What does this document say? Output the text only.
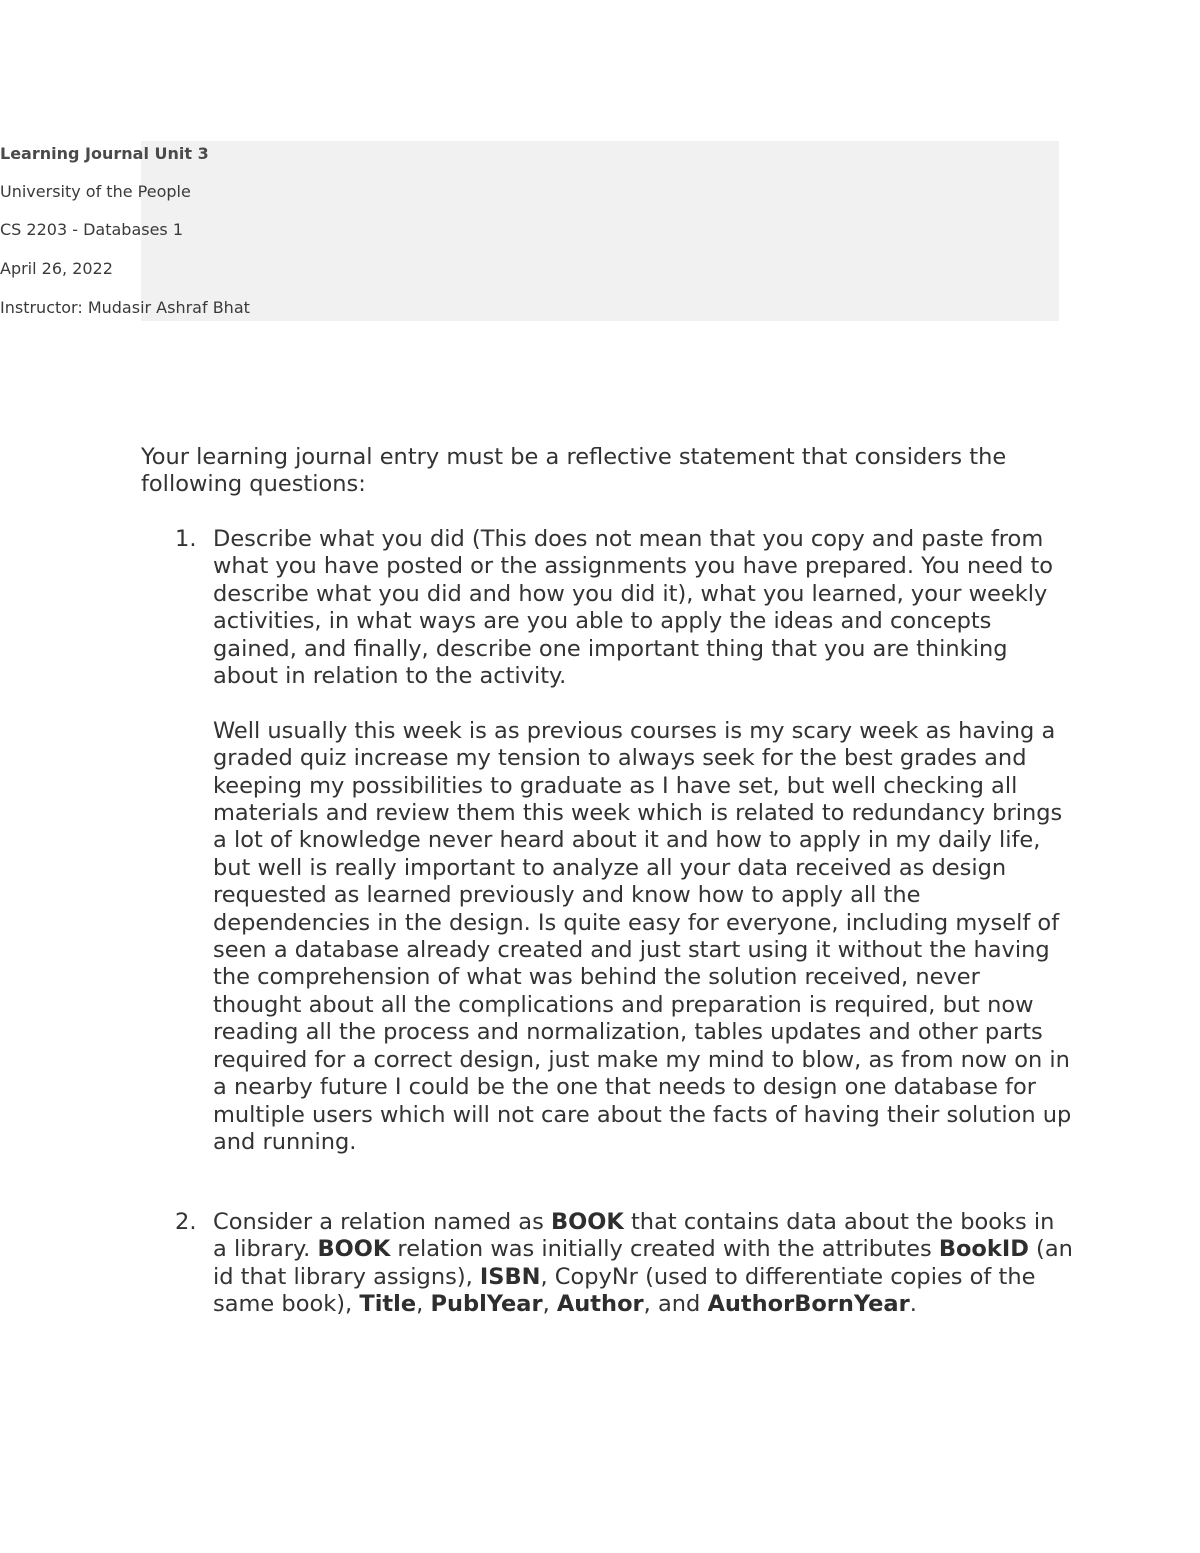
Learning Journal Unit 3
University of the People
CS 2203 - Databases 1
April 26, 2022
Instructor: Mudasir Ashraf Bhat
Your learning journal entry must be a reflective statement that considers the following questions:
1. Describe what you did (This does not mean that you copy and paste from what you have posted or the assignments you have prepared. You need to describe what you did and how you did it), what you learned, your weekly activities, in what ways are you able to apply the ideas and concepts gained, and finally, describe one important thing that you are thinking about in relation to the activity.

Well usually this week is as previous courses is my scary week as having a graded quiz increase my tension to always seek for the best grades and keeping my possibilities to graduate as I have set, but well checking all materials and review them this week which is related to redundancy brings a lot of knowledge never heard about it and how to apply in my daily life, but well is really important to analyze all your data received as design requested as learned previously and know how to apply all the dependencies in the design. Is quite easy for everyone, including myself of seen a database already created and just start using it without the having the comprehension of what was behind the solution received, never thought about all the complications and preparation is required, but now reading all the process and normalization, tables updates and other parts required for a correct design, just make my mind to blow, as from now on in a nearby future I could be the one that needs to design one database for multiple users which will not care about the facts of having their solution up and running.

2. Consider a relation named as BOOK that contains data about the books in a library. BOOK relation was initially created with the attributes BookID (an id that library assigns), ISBN, CopyNr (used to differentiate copies of the same book), Title, PublYear, Author, and AuthorBornYear.
